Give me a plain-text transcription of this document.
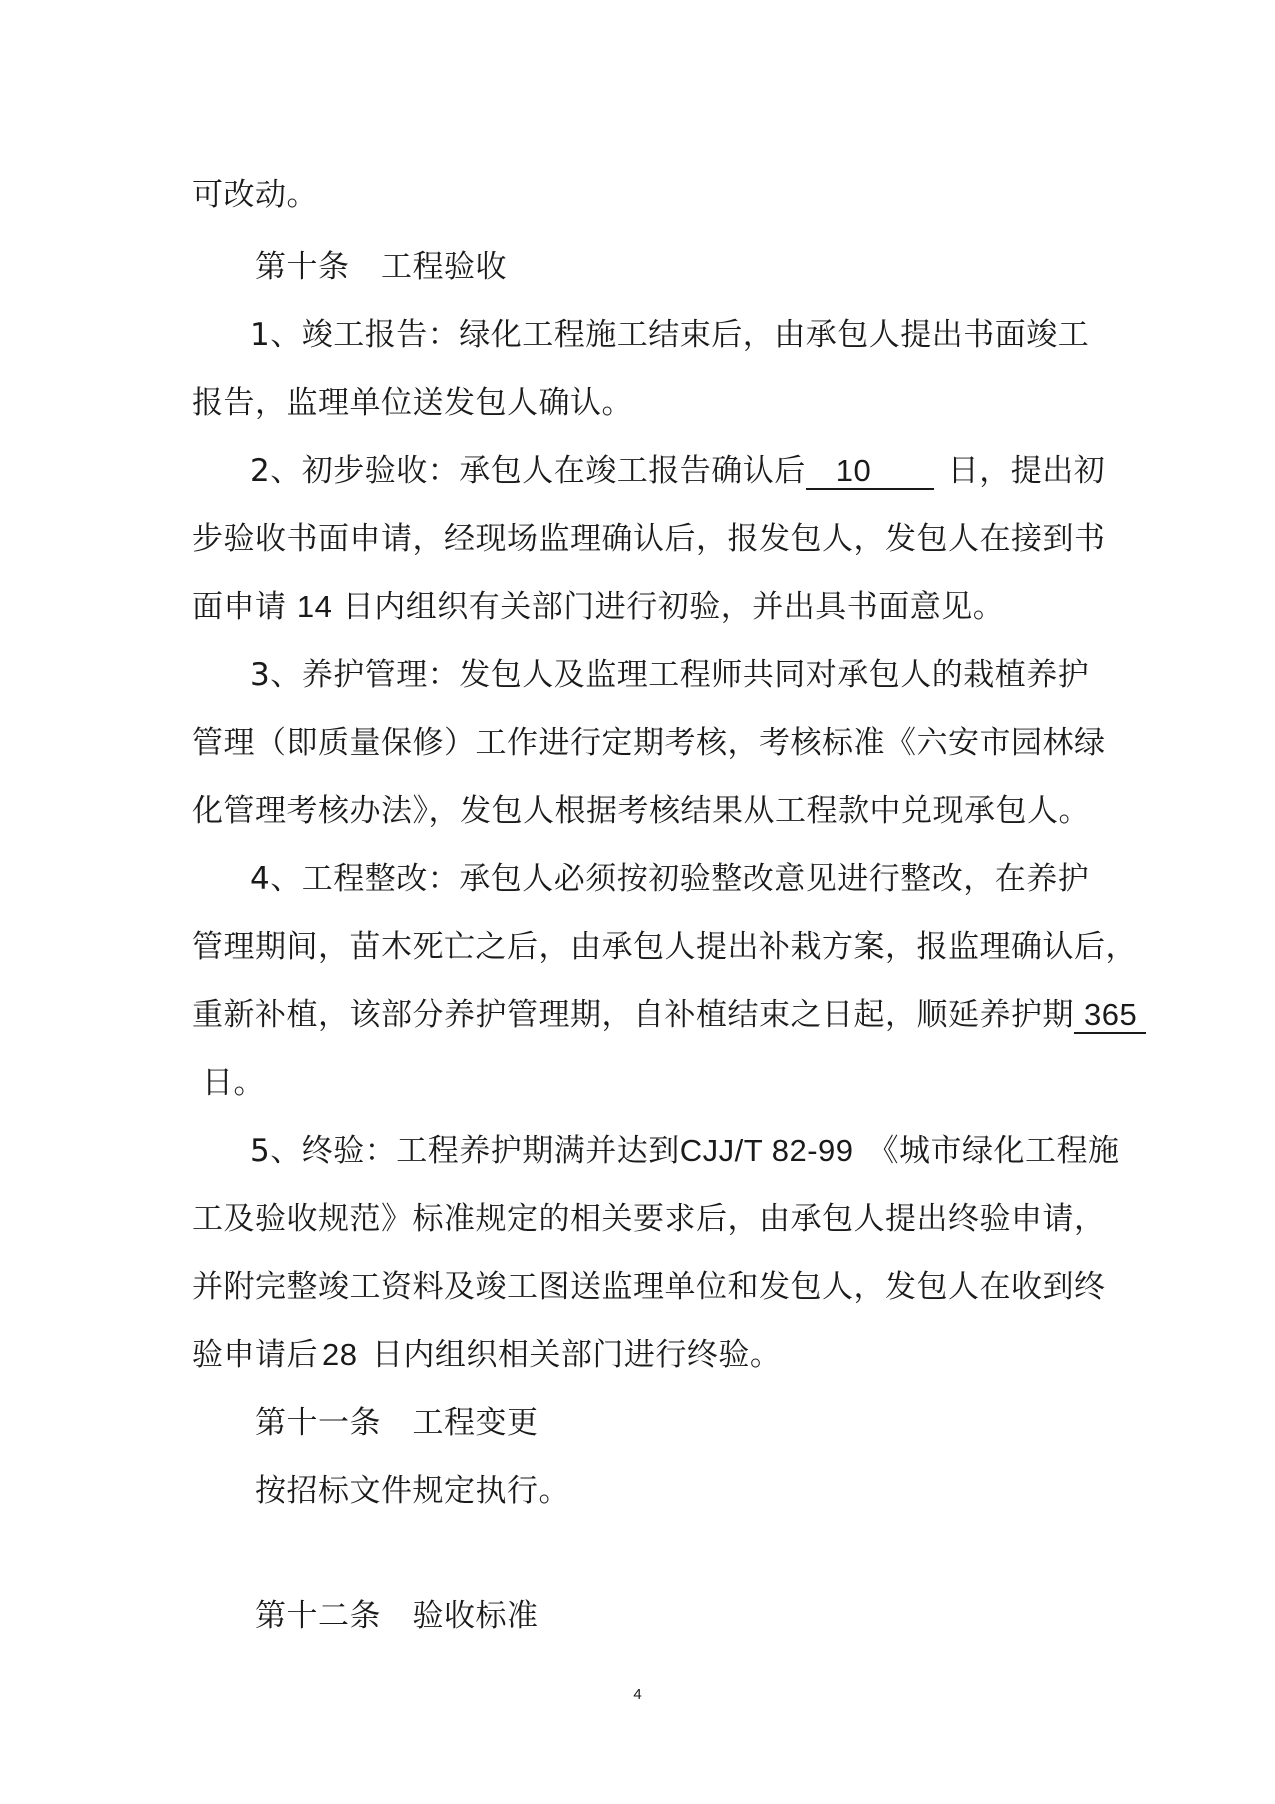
可改动。
第十条　工程验收
1、竣工报告：绿化工程施工结束后，由承包人提出书面竣工
报告，监理单位送发包人确认。
2、初步验收：承包人在竣工报告确认后 10 日，提出初
步验收书面申请，经现场监理确认后，报发包人，发包人在接到书
面申请 14 日内组织有关部门进行初验，并出具书面意见。
3、养护管理：发包人及监理工程师共同对承包人的栽植养护
管理（即质量保修）工作进行定期考核，考核标准《六安市园林绿
化管理考核办法》，发包人根据考核结果从工程款中兑现承包人。
4、工程整改：承包人必须按初验整改意见进行整改，在养护
管理期间，苗木死亡之后，由承包人提出补栽方案，报监理确认后，
重新补植，该部分养护管理期，自补植结束之日起，顺延养护期 365
日。
5、终验：工程养护期满并达到CJJ/T 82-99 《城市绿化工程施
工及验收规范》标准规定的相关要求后，由承包人提出终验申请，
并附完整竣工资料及竣工图送监理单位和发包人，发包人在收到终
验申请后 28 日内组织相关部门进行终验。
第十一条　工程变更
按招标文件规定执行。
第十二条　验收标准
4
